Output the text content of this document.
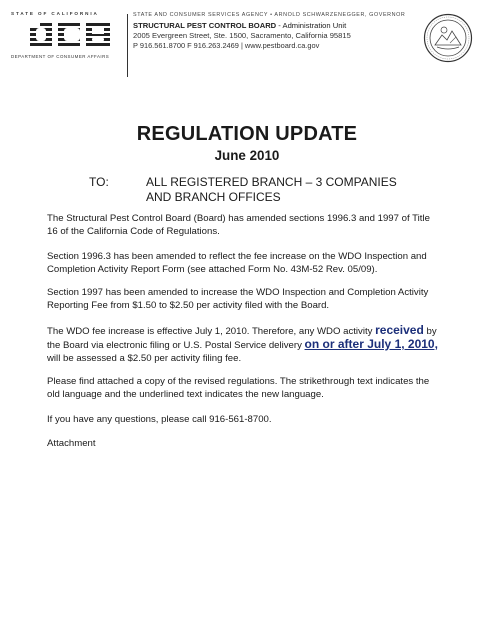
STATE OF CALIFORNIA
DEPARTMENT OF CONSUMER AFFAIRS
STATE AND CONSUMER SERVICES AGENCY • ARNOLD SCHWARZENEGGER, GOVERNOR
STRUCTURAL PEST CONTROL BOARD - Administration Unit
2005 Evergreen Street, Ste. 1500, Sacramento, California 95815
P 916.561.8700 F 916.263.2469 | www.pestboard.ca.gov
REGULATION UPDATE
June 2010
TO:	ALL REGISTERED BRANCH – 3 COMPANIES
AND BRANCH OFFICES
The Structural Pest Control Board (Board) has amended sections 1996.3 and 1997 of Title
16 of the California Code of Regulations.
Section 1996.3 has been amended to reflect the fee increase on the WDO Inspection and
Completion Activity Report Form (see attached Form No. 43M-52 Rev. 05/09).
Section 1997 has been amended to increase the WDO Inspection and Completion Activity
Reporting Fee from $1.50 to $2.50 per activity filed with the Board.
The WDO fee increase is effective July 1, 2010. Therefore, any WDO activity received by
the Board via electronic filing or U.S. Postal Service delivery on or after July 1, 2010,
will be assessed a $2.50 per activity filing fee.
Please find attached a copy of the revised regulations. The strikethrough text indicates the
old language and the underlined text indicates the new language.
If you have any questions, please call 916-561-8700.
Attachment
